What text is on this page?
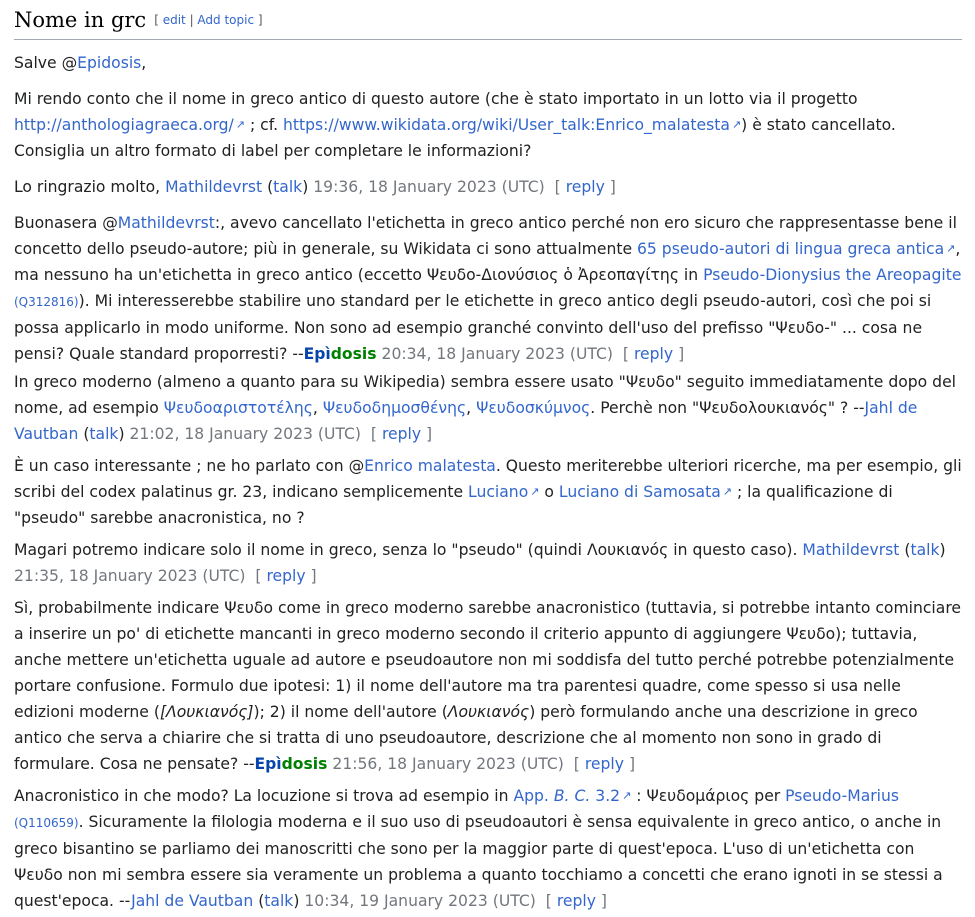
Nome in grc [ edit | Add topic ]

Salve @Epidosis,

Mi rendo conto che il nome in greco antico di questo autore (che è stato importato in un lotto via il progetto http://anthologiagraeca.org/ ↗ ; cf. https://www.wikidata.org/wiki/User_talk:Enrico_malatesta ↗ ) è stato cancellato. Consiglia un altro formato di label per completare le informazioni?

Lo ringrazio molto, Mathildevrst (talk) 19:36, 18 January 2023 (UTC) [ reply ]

Buonasera @Mathildevrst:, avevo cancellato l'etichetta in greco antico perché non ero sicuro che rappresentasse bene il concetto dello pseudo-autore; più in generale, su Wikidata ci sono attualmente 65 pseudo-autori di lingua greca antica ↗ , ma nessuno ha un'etichetta in greco antico (eccetto Ψευδο-Διονύσιος ὁ Ἀρεοπαγίτης in Pseudo-Dionysius the Areopagite (Q312816)). Mi interesserebbe stabilire uno standard per le etichette in greco antico degli pseudo-autori, così che poi si possa applicarlo in modo uniforme. Non sono ad esempio granché convinto dell'uso del prefisso "Ψευδο-" ... cosa ne pensi? Quale standard proporresti? --Epìdosis 20:34, 18 January 2023 (UTC) [ reply ]
In greco moderno (almeno a quanto para su Wikipedia) sembra essere usato "Ψευδο" seguito immediatamente dopo del nome, ad esempio Ψευδοαριστοτέλης, Ψευδοδημοσθένης, Ψευδοσκύμνος. Perchè non "Ψευδολουκιανός" ? --Jahl de Vautban (talk) 21:02, 18 January 2023 (UTC) [ reply ]
È un caso interessante ; ne ho parlato con @Enrico malatesta. Questo meriterebbe ulteriori ricerche, ma per esempio, gli scribi del codex palatinus gr. 23, indicano semplicemente Luciano ↗ o Luciano di Samosata ↗ ; la qualificazione di "pseudo" sarebbe anacronistica, no ?
Magari potremo indicare solo il nome in greco, senza lo "pseudo" (quindi Λουκιανός in questo caso). Mathildevrst (talk) 21:35, 18 January 2023 (UTC) [ reply ]
Sì, probabilmente indicare Ψευδο come in greco moderno sarebbe anacronistico (tuttavia, si potrebbe intanto cominciare a inserire un po' di etichette mancanti in greco moderno secondo il criterio appunto di aggiungere Ψευδο); tuttavia, anche mettere un'etichetta uguale ad autore e pseudoautore non mi soddisfa del tutto perché potrebbe potenzialmente portare confusione. Formulo due ipotesi: 1) il nome dell'autore ma tra parentesi quadre, come spesso si usa nelle edizioni moderne ([Λουκιανός]); 2) il nome dell'autore (Λουκιανός) però formulando anche una descrizione in greco antico che serva a chiarire che si tratta di uno pseudoautore, descrizione che al momento non sono in grado di formulare. Cosa ne pensate? --Epìdosis 21:56, 18 January 2023 (UTC) [ reply ]
Anacronistico in che modo? La locuzione si trova ad esempio in App. B. C. 3.2 ↗ : Ψευδομάριος per Pseudo-Marius (Q110659). Sicuramente la filologia moderna e il suo uso di pseudoautori è sensa equivalente in greco antico, o anche in greco bisantino se parliamo dei manoscritti che sono per la maggior parte di quest'epoca. L'uso di un'etichetta con Ψευδο non mi sembra essere sia veramente un problema a quanto tocchiamo a concetti che erano ignoti in se stessi a quest'epoca. --Jahl de Vautban (talk) 10:34, 19 January 2023 (UTC) [ reply ]
